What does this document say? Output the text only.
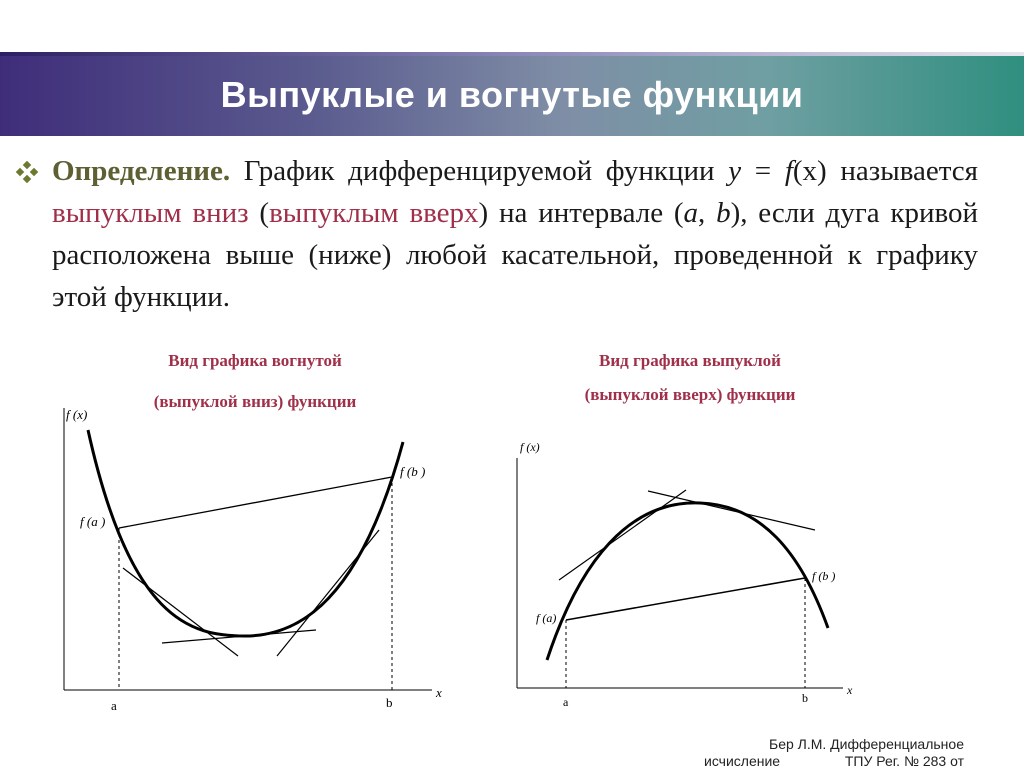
Выпуклые и вогнутые функции
Определение. График дифференцируемой функции y = f(x) называется выпуклым вниз (выпуклым вверх) на интервале (a, b), если дуга кривой расположена выше (ниже) любой касательной, проведенной к графику этой функции.
Вид графика вогнутой
(выпуклой вниз) функции
f (x)
x
f (a )
f (b )
a	b
Вид графика выпуклой
(выпуклой вверх) функции
f (x)
x
f (a)
f (b )
a	b
Бер Л.М. Дифференциальное
исчисление	ТПУ Рег. № 283 от
